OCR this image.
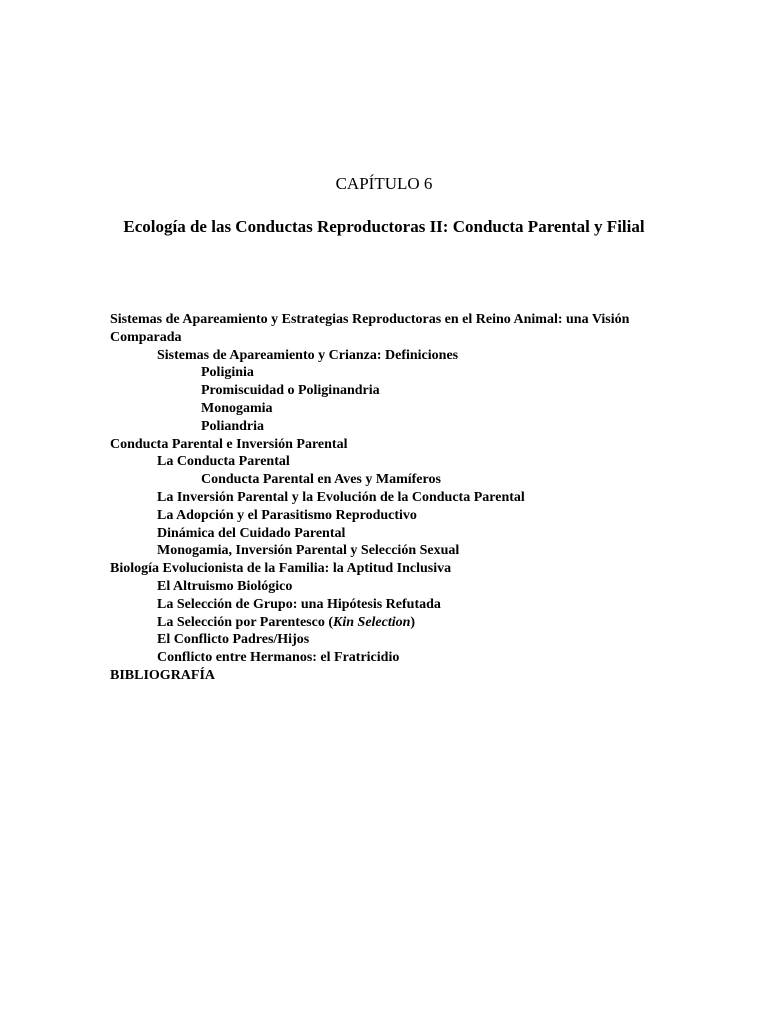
CAPÍTULO 6
Ecología de las Conductas Reproductoras II: Conducta Parental y Filial
Sistemas de Apareamiento y Estrategias Reproductoras en el Reino Animal: una Visión Comparada
Sistemas de Apareamiento y Crianza: Definiciones
Poliginia
Promiscuidad o Poliginandria
Monogamia
Poliandria
Conducta Parental e Inversión Parental
La Conducta Parental
Conducta Parental en Aves y Mamíferos
La Inversión Parental y la Evolución de la Conducta Parental
La Adopción y el Parasitismo Reproductivo
Dinámica del Cuidado Parental
Monogamia, Inversión Parental y Selección Sexual
Biología Evolucionista de la Familia: la Aptitud Inclusiva
El Altruismo Biológico
La Selección de Grupo: una Hipótesis Refutada
La Selección por Parentesco (Kin Selection)
El Conflicto Padres/Hijos
Conflicto entre Hermanos: el Fratricidio
BIBLIOGRAFÍA
